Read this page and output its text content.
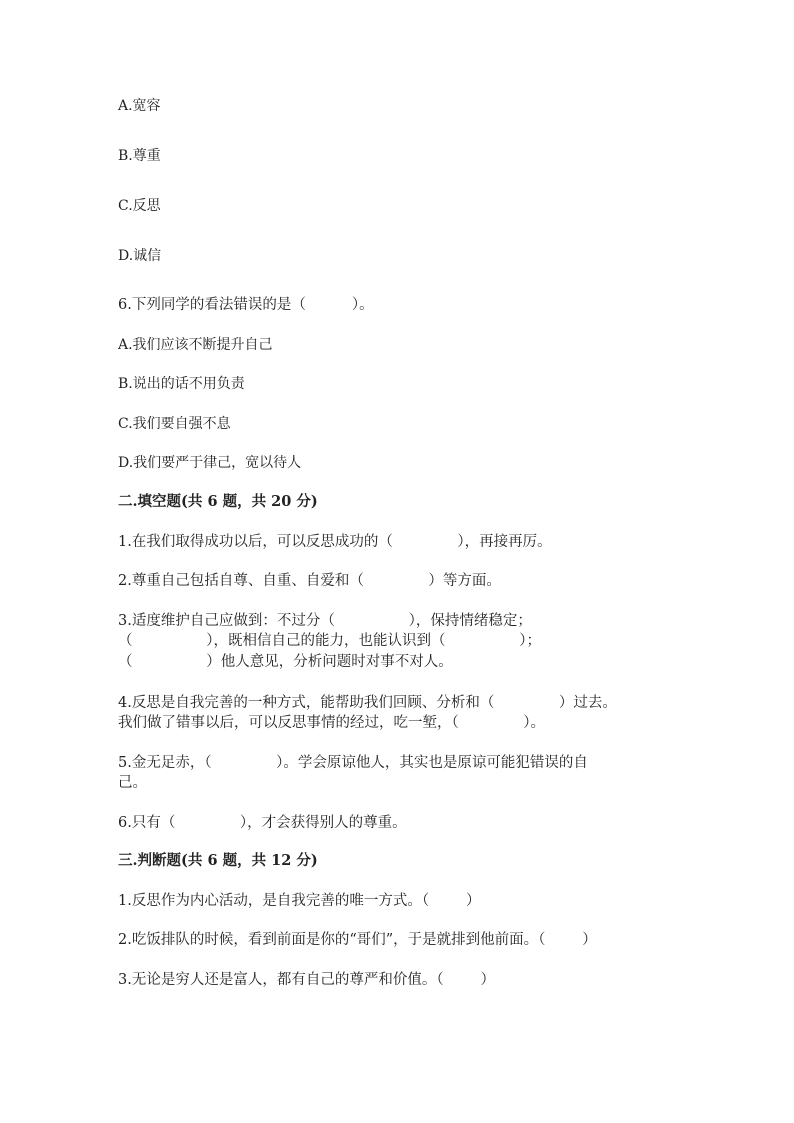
A.宽容

B.尊重

C.反思

D.诚信

6.下列同学的看法错误的是（          ）。

A.我们应该不断提升自己

B.说出的话不用负责

C.我们要自强不息

D.我们要严于律己，宽以待人

二.填空题(共 6 题，共 20 分)

1.在我们取得成功以后，可以反思成功的（              ），再接再厉。

2.尊重自己包括自尊、自重、自爱和（              ）等方面。

3.适度维护自己应做到：不过分（                ），保持情绪稳定；

（                ），既相信自己的能力，也能认识到（                ）；

（                ）他人意见，分析问题时对事不对人。

4.反思是自我完善的一种方式，能帮助我们回顾、分析和（              ）过去。

我们做了错事以后，可以反思事情的经过，吃一堑，（              ）。

5.金无足赤，（              ）。学会原谅他人，其实也是原谅可能犯错误的自

己。

6.只有（              ），才会获得别人的尊重。

三.判断题(共 6 题，共 12 分)

1.反思作为内心活动，是自我完善的唯一方式。（        ）

2.吃饭排队的时候，看到前面是你的“哥们”，于是就排到他前面。（        ）

3.无论是穷人还是富人，都有自己的尊严和价值。（        ）
